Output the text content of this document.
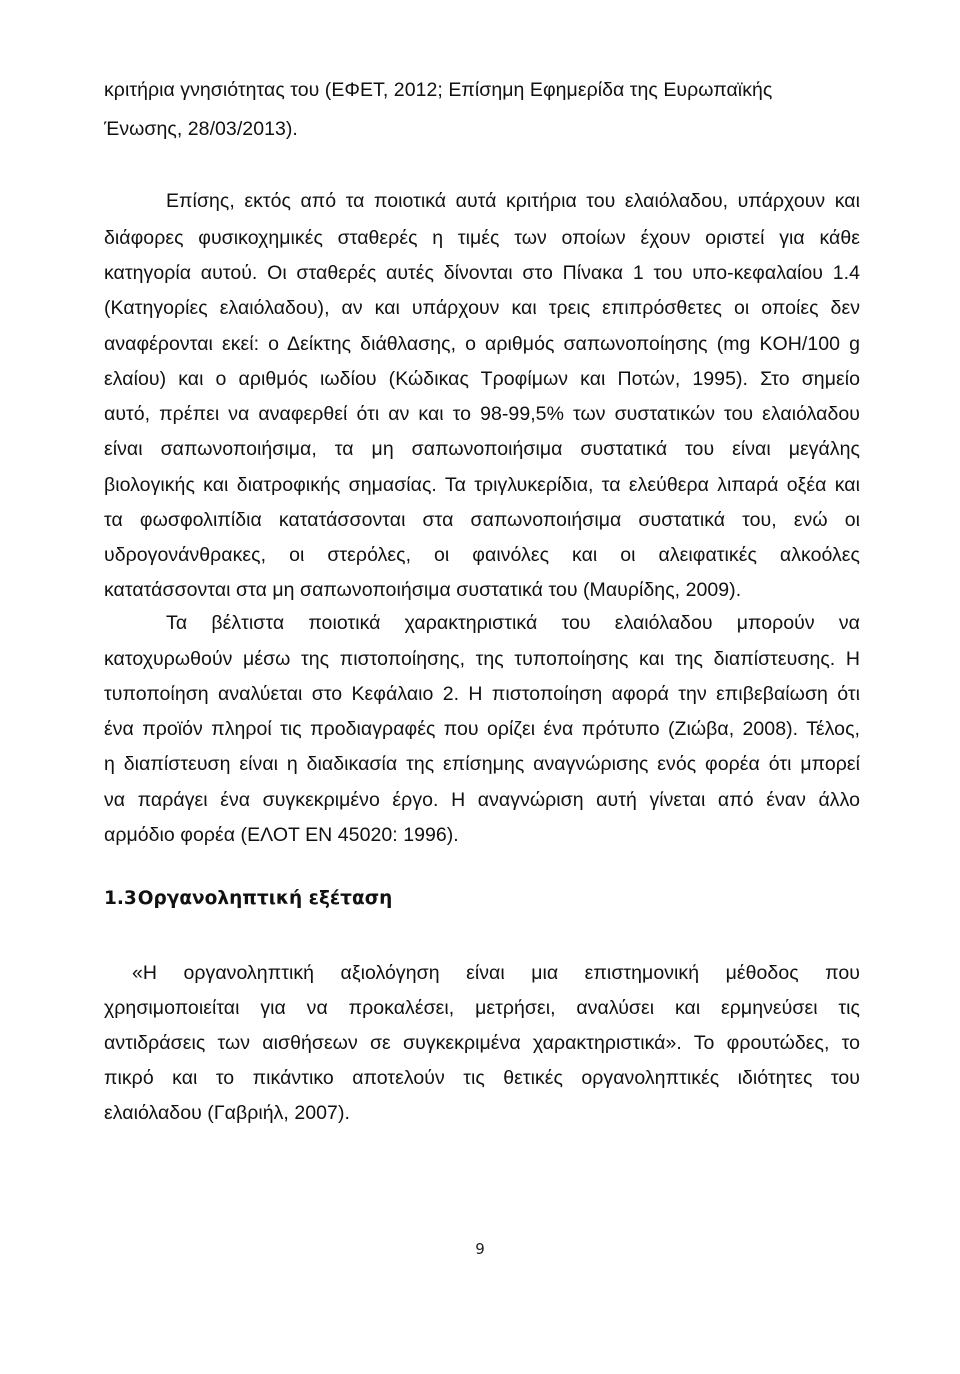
κριτήρια γνησιότητας του (ΕΦΕΤ, 2012; Επίσημη Εφημερίδα της Ευρωπαϊκής
Ένωσης, 28/03/2013).
Επίσης, εκτός από τα ποιοτικά αυτά κριτήρια του ελαιόλαδου, υπάρχουν και
διάφορες φυσικοχημικές σταθερές η τιμές των οποίων έχουν οριστεί για κάθε
κατηγορία αυτού. Οι σταθερές αυτές δίνονται στο Πίνακα 1 του υπο-κεφαλαίου 1.4
(Κατηγορίες ελαιόλαδου), αν και υπάρχουν και τρεις επιπρόσθετες οι οποίες δεν
αναφέρονται εκεί: ο Δείκτης διάθλασης, ο αριθμός σαπωνοποίησης (mg KOH/100 g
ελαίου) και ο αριθμός ιωδίου (Κώδικας Τροφίμων και Ποτών, 1995). Στο σημείο
αυτό, πρέπει να αναφερθεί ότι αν και το 98-99,5% των συστατικών του ελαιόλαδου
είναι σαπωνοποιήσιμα, τα μη σαπωνοποιήσιμα συστατικά του είναι μεγάλης
βιολογικής και διατροφικής σημασίας. Τα τριγλυκερίδια, τα ελεύθερα λιπαρά οξέα και
τα φωσφολιπίδια κατατάσσονται στα σαπωνοποιήσιμα συστατικά του, ενώ οι
υδρογονάνθρακες, οι στερόλες, οι φαινόλες και οι αλειφατικές αλκοόλες
κατατάσσονται στα μη σαπωνοποιήσιμα συστατικά του (Μαυρίδης, 2009).
Τα βέλτιστα ποιοτικά χαρακτηριστικά του ελαιόλαδου μπορούν να
κατοχυρωθούν μέσω της πιστοποίησης, της τυποποίησης και της διαπίστευσης. Η
τυποποίηση αναλύεται στο Κεφάλαιο 2. Η πιστοποίηση αφορά την επιβεβαίωση ότι
ένα προϊόν πληροί τις προδιαγραφές που ορίζει ένα πρότυπο (Ζιώβα, 2008). Τέλος,
η διαπίστευση είναι η διαδικασία της επίσημης αναγνώρισης ενός φορέα ότι μπορεί
να παράγει ένα συγκεκριμένο έργο. Η αναγνώριση αυτή γίνεται από έναν άλλο
αρμόδιο φορέα (ΕΛΟΤ ΕΝ 45020: 1996).
1.3Οργανοληπτική εξέταση
«Η οργανοληπτική αξιολόγηση είναι μια επιστημονική μέθοδος που
χρησιμοποιείται για να προκαλέσει, μετρήσει, αναλύσει και ερμηνεύσει τις
αντιδράσεις των αισθήσεων σε συγκεκριμένα χαρακτηριστικά». Το φρουτώδες, το
πικρό και το πικάντικο αποτελούν τις θετικές οργανοληπτικές ιδιότητες του
ελαιόλαδου (Γαβριήλ, 2007).
9
